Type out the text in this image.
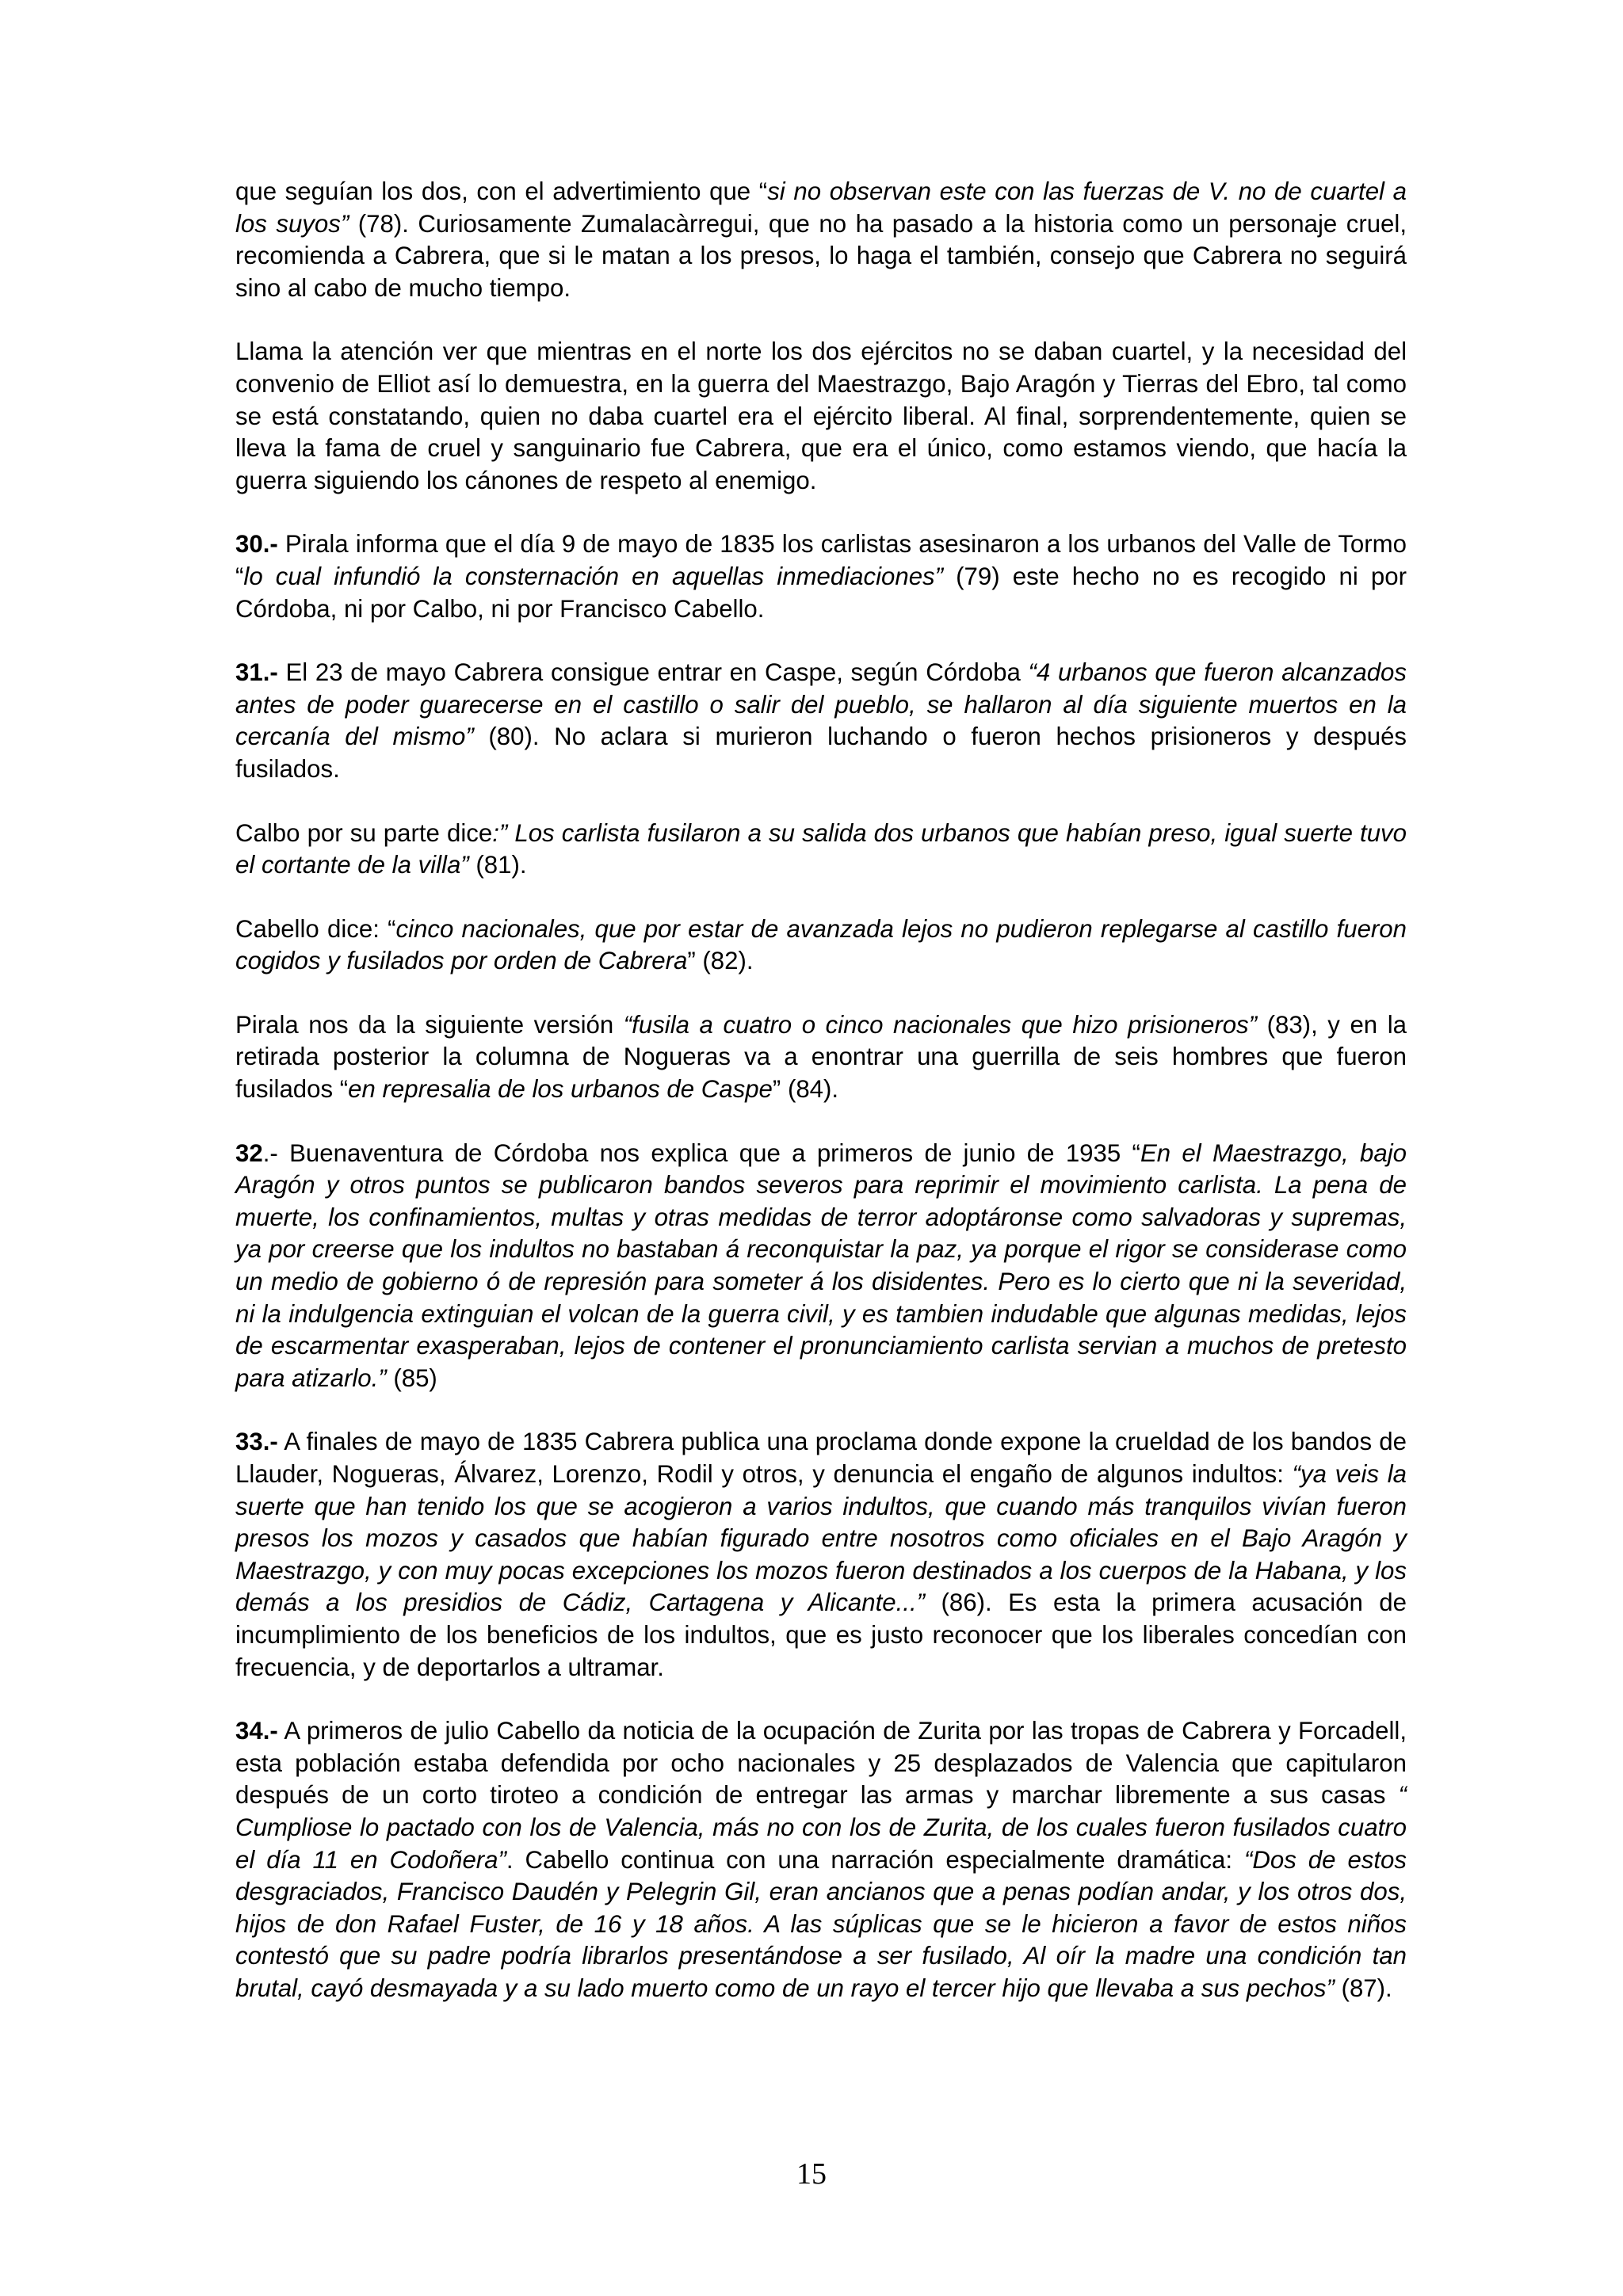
que seguían los dos, con el advertimiento que “si no observan este con las fuerzas de V. no de cuartel a los suyos” (78). Curiosamente Zumalacàrregui, que no ha pasado a la historia como un personaje cruel, recomienda a Cabrera, que si le matan a los presos, lo haga el también, consejo que Cabrera no seguirá sino al cabo de mucho tiempo.

Llama la atención ver que mientras en el norte los dos ejércitos no se daban cuartel, y la necesidad del convenio de Elliot así lo demuestra, en la guerra del Maestrazgo, Bajo Aragón y Tierras del Ebro, tal como se está constatando, quien no daba cuartel era el ejército liberal. Al final, sorprendentemente, quien se lleva la fama de cruel y sanguinario fue Cabrera, que era el único, como estamos viendo, que hacía la guerra siguiendo los cánones de respeto al enemigo.

30.- Pirala informa que el día 9 de mayo de 1835 los carlistas asesinaron a los urbanos del Valle de Tormo “lo cual infundió la consternación en aquellas inmediaciones” (79) este hecho no es recogido ni por Córdoba, ni por Calbo, ni por Francisco Cabello.

31.- El 23 de mayo Cabrera consigue entrar en Caspe, según Córdoba “4 urbanos que fueron alcanzados antes de poder guarecerse en el castillo o salir del pueblo, se hallaron al día siguiente muertos en la cercanía del mismo” (80). No aclara si murieron luchando o fueron hechos prisioneros y después fusilados.

Calbo por su parte dice:” Los carlista fusilaron a su salida dos urbanos que habían preso, igual suerte tuvo el cortante de la villa” (81).

Cabello dice: “cinco nacionales, que por estar de avanzada lejos no pudieron replegarse al castillo fueron cogidos y fusilados por orden de Cabrera” (82).

Pirala nos da la siguiente versión “fusila a cuatro o cinco nacionales que hizo prisioneros” (83), y en la retirada posterior la columna de Nogueras va a enontrar una guerrilla de seis hombres que fueron fusilados “en represalia de los urbanos de Caspe” (84).

32.- Buenaventura de Córdoba nos explica que a primeros de junio de 1935 “En el Maestrazgo, bajo Aragón y otros puntos se publicaron bandos severos para reprimir el movimiento carlista. La pena de muerte, los confinamientos, multas y otras medidas de terror adoptáronse como salvadoras y supremas, ya por creerse que los indultos no bastaban á reconquistar la paz, ya porque el rigor se considerase como un medio de gobierno ó de represión para someter á los disidentes. Pero es lo cierto que ni la severidad, ni la indulgencia extinguian el volcan de la guerra civil, y es tambien indudable que algunas medidas, lejos de escarmentar exasperaban, lejos de contener el pronunciamiento carlista servian a muchos de pretesto para atizarlo.” (85)

33.- A finales de mayo de 1835 Cabrera publica una proclama donde expone la crueldad de los bandos de Llauder, Nogueras, Álvarez, Lorenzo, Rodil y otros, y denuncia el engaño de algunos indultos: “ya veis la suerte que han tenido los que se acogieron a varios indultos, que cuando más tranquilos vivían fueron presos los mozos y casados que habían figurado entre nosotros como oficiales en el Bajo Aragón y Maestrazgo, y con muy pocas excepciones los mozos fueron destinados a los cuerpos de la Habana, y los demás a los presidios de Cádiz, Cartagena y Alicante...” (86). Es esta la primera acusación de incumplimiento de los beneficios de los indultos, que es justo reconocer que los liberales concedían con frecuencia, y de deportarlos a ultramar.

34.- A primeros de julio Cabello da noticia de la ocupación de Zurita por las tropas de Cabrera y Forcadell, esta población estaba defendida por ocho nacionales y 25 desplazados de Valencia que capitularon después de un corto tiroteo a condición de entregar las armas y marchar libremente a sus casas “ Cumpliose lo pactado con los de Valencia, más no con los de Zurita, de los cuales fueron fusilados cuatro el día 11 en Codoñera”. Cabello continua con una narración especialmente dramática: “Dos de estos desgraciados, Francisco Daudén y Pelegrin Gil, eran ancianos que a penas podían andar, y los otros dos, hijos de don Rafael Fuster, de 16 y 18 años. A las súplicas que se le hicieron a favor de estos niños contestó que su padre podría librarlos presentándose a ser fusilado, Al oír la madre una condición tan brutal, cayó desmayada y a su lado muerto como de un rayo el tercer hijo que llevaba a sus pechos” (87).

15
